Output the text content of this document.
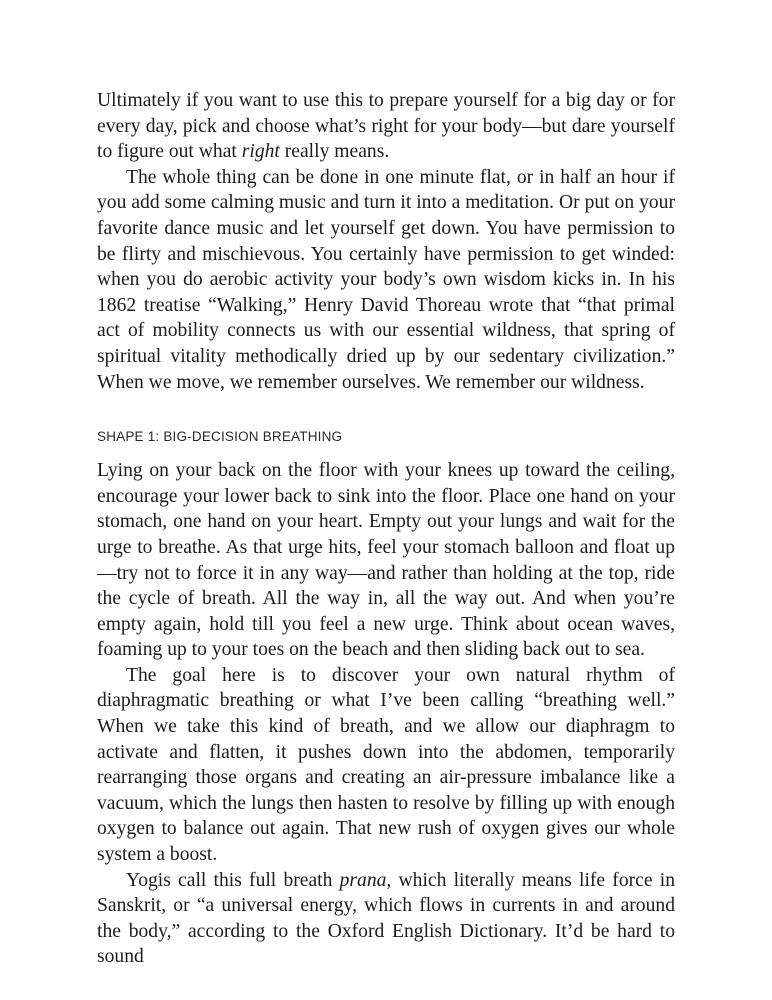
Ultimately if you want to use this to prepare yourself for a big day or for every day, pick and choose what’s right for your body—but dare yourself to figure out what right really means.

The whole thing can be done in one minute flat, or in half an hour if you add some calming music and turn it into a meditation. Or put on your favorite dance music and let yourself get down. You have permission to be flirty and mischievous. You certainly have permission to get winded: when you do aerobic activity your body’s own wisdom kicks in. In his 1862 treatise “Walking,” Henry David Thoreau wrote that “that primal act of mobility connects us with our essential wildness, that spring of spiritual vitality methodically dried up by our sedentary civilization.” When we move, we remember ourselves. We remember our wildness.

SHAPE 1: BIG-DECISION BREATHING

Lying on your back on the floor with your knees up toward the ceiling, encourage your lower back to sink into the floor. Place one hand on your stomach, one hand on your heart. Empty out your lungs and wait for the urge to breathe. As that urge hits, feel your stomach balloon and float up—try not to force it in any way—and rather than holding at the top, ride the cycle of breath. All the way in, all the way out. And when you’re empty again, hold till you feel a new urge. Think about ocean waves, foaming up to your toes on the beach and then sliding back out to sea.

The goal here is to discover your own natural rhythm of diaphragmatic breathing or what I’ve been calling “breathing well.” When we take this kind of breath, and we allow our diaphragm to activate and flatten, it pushes down into the abdomen, temporarily rearranging those organs and creating an air-pressure imbalance like a vacuum, which the lungs then hasten to resolve by filling up with enough oxygen to balance out again. That new rush of oxygen gives our whole system a boost.

Yogis call this full breath prana, which literally means life force in Sanskrit, or “a universal energy, which flows in currents in and around the body,” according to the Oxford English Dictionary. It’d be hard to sound
